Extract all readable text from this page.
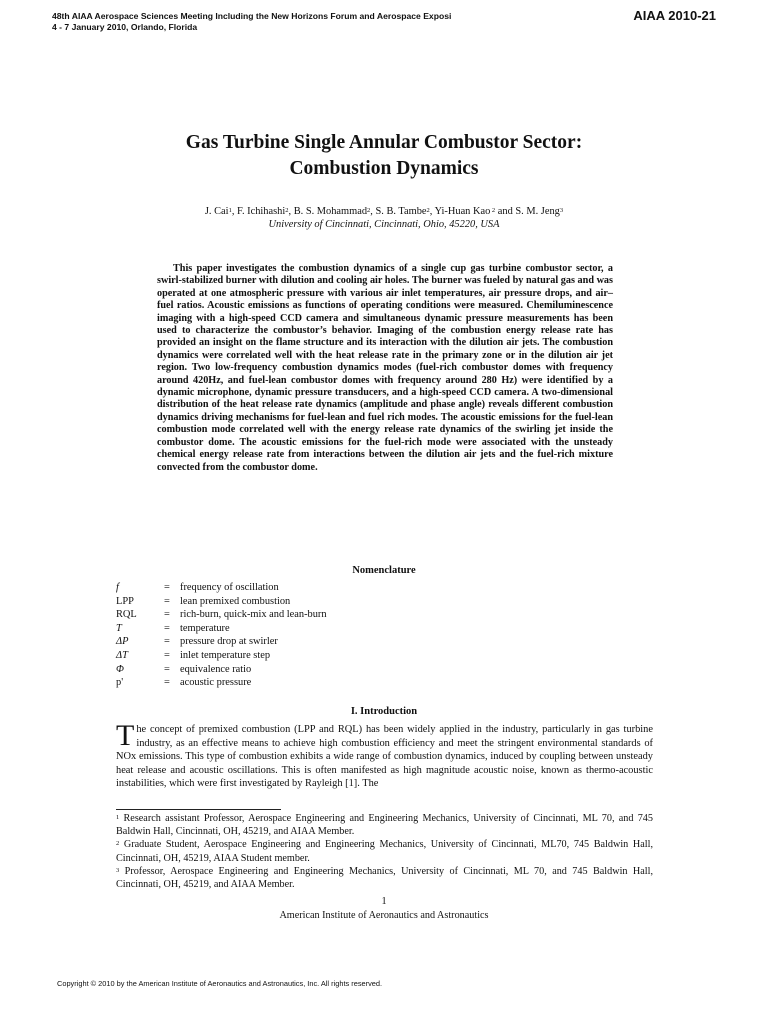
48th AIAA Aerospace Sciences Meeting Including the New Horizons Forum and Aerospace Exposi
4 - 7 January 2010, Orlando, Florida
AIAA 2010-21
Gas Turbine Single Annular Combustor Sector:
Combustion Dynamics
J. Cai$^1$, F. Ichihashi$^2$, B. S. Mohammad$^2$, S. B. Tambe$^2$, Yi-Huan Kao $^2$ and S. M. Jeng$^3$
University of Cincinnati, Cincinnati, Ohio, 45220, USA

This paper investigates the combustion dynamics of a single cup gas turbine combustor sector, a swirl-stabilized burner with dilution and cooling air holes. The burner was fueled by natural gas and was operated at one atmospheric pressure with various air inlet temperatures, air pressure drops, and air–fuel ratios. Acoustic emissions as functions of operating conditions were measured. Chemiluminescence imaging with a high-speed CCD camera and simultaneous dynamic pressure measurements has been used to characterize the combustor’s behavior. Imaging of the combustion energy release rate has provided an insight on the flame structure and its interaction with the dilution air jets. The combustion dynamics were correlated well with the heat release rate in the primary zone or in the dilution air jet region. Two low-frequency combustion dynamics modes (fuel-rich combustor domes with frequency around 420Hz, and fuel-lean combustor domes with frequency around 280 Hz) were identified by a dynamic microphone, dynamic pressure transducers, and a high-speed CCD camera. A two-dimensional distribution of the heat release rate dynamics (amplitude and phase angle) reveals different combustion dynamics driving mechanisms for fuel-lean and fuel rich modes. The acoustic emissions for the fuel-lean combustion mode correlated well with the energy release rate dynamics of the swirling jet inside the combustor dome. The acoustic emissions for the fuel-rich mode were associated with the unsteady chemical energy release rate from interactions between the dilution air jets and the fuel-rich mixture convected from the combustor dome.

Nomenclature
f	= frequency of oscillation
LPP	= lean premixed combustion
RQL	= rich-burn, quick-mix and lean-burn
T	= temperature
ΔP	= pressure drop at swirler
ΔT	= inlet temperature step
Φ	= equivalence ratio
p'	= acoustic pressure
I. Introduction

The concept of premixed combustion (LPP and RQL) has been widely applied in the industry, particularly in gas turbine industry, as an effective means to achieve high combustion efficiency and meet the stringent environmental standards of NOx emissions. This type of combustion exhibits a wide range of combustion dynamics, induced by coupling between unsteady heat release and acoustic oscillations. This is often manifested as high magnitude acoustic noise, known as thermo-acoustic instabilities, which were first investigated by Rayleigh [1]. The

$^1$ Research assistant Professor, Aerospace Engineering and Engineering Mechanics, University of Cincinnati, ML 70, and 745 Baldwin Hall, Cincinnati, OH, 45219, and AIAA Member.

$^2$ Graduate Student, Aerospace Engineering and Engineering Mechanics, University of Cincinnati, ML70, 745 Baldwin Hall, Cincinnati, OH, 45219, AIAA Student member.

$^3$ Professor, Aerospace Engineering and Engineering Mechanics, University of Cincinnati, ML 70, and 745 Baldwin Hall, Cincinnati, OH, 45219, and AIAA Member.

1
American Institute of Aeronautics and Astronautics
Copyright © 2010 by the American Institute of Aeronautics and Astronautics, Inc. All rights reserved.
